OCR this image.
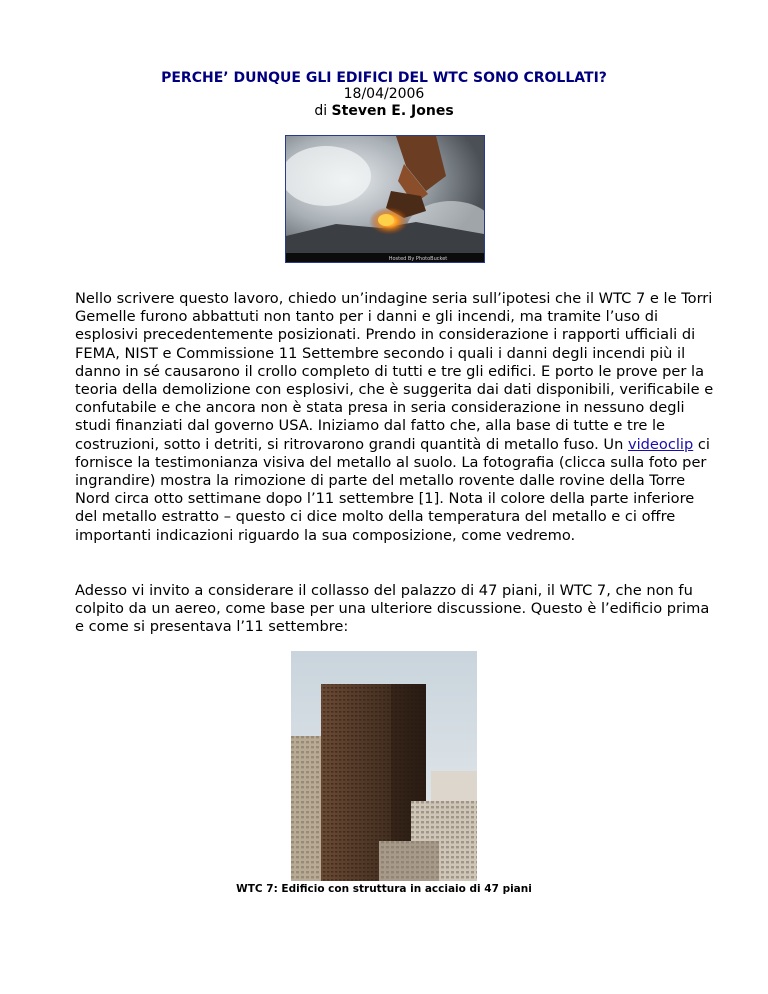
PERCHE’ DUNQUE GLI EDIFICI DEL WTC SONO CROLLATI?
18/04/2006
di Steven E. Jones
Hosted By PhotoBucket

Nello scrivere questo lavoro, chiedo un’indagine seria sull’ipotesi che il WTC 7 e le Torri Gemelle furono abbattuti non tanto per i danni e gli incendi, ma tramite l’uso di esplosivi precedentemente posizionati. Prendo in considerazione i rapporti ufficiali di FEMA, NIST e Commissione 11 Settembre secondo i quali i danni degli incendi più il danno in sé causarono il crollo completo di tutti e tre gli edifici. E porto le prove per la teoria della demolizione con esplosivi, che è suggerita dai dati disponibili, verificabile e confutabile e che ancora non è stata presa in seria considerazione in nessuno degli studi finanziati dal governo USA. Iniziamo dal fatto che, alla base di tutte e tre le costruzioni, sotto i detriti, si ritrovarono grandi quantità di metallo fuso. Un videoclip ci fornisce la testimonianza visiva del metallo al suolo. La fotografia (clicca sulla foto per ingrandire) mostra la rimozione di parte del metallo rovente dalle rovine della Torre Nord circa otto settimane dopo l’11 settembre [1]. Nota il colore della parte inferiore del metallo estratto – questo ci dice molto della temperatura del metallo e ci offre importanti indicazioni riguardo la sua composizione, come vedremo.

Adesso vi invito a considerare il collasso del palazzo di 47 piani, il WTC 7, che non fu colpito da un aereo, come base per una ulteriore discussione. Questo è l’edificio prima e come si presentava l’11 settembre:

WTC 7: Edificio con struttura in acciaio di 47 piani
